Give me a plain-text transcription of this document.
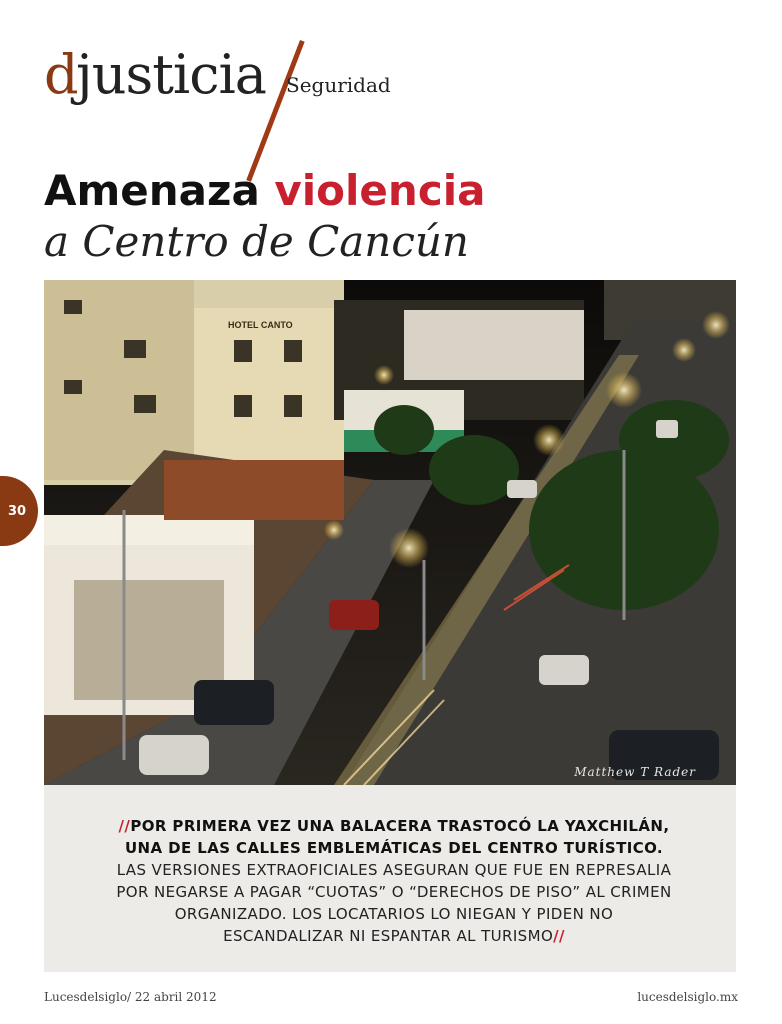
d
justicia Seguridad
Amenaza violencia
a Centro de Cancún
HOTEL CANTO
Matthew T Rader
30
//POR PRIMERA VEZ UNA BALACERA TRASTOCÓ LA YAXCHILÁN, UNA DE LAS CALLES EMBLEMÁTICAS DEL CENTRO TURÍSTICO. LAS VERSIONES EXTRAOFICIALES ASEGURAN QUE FUE EN REPRESALIA POR NEGARSE A PAGAR “CUOTAS” O “DERECHOS DE PISO” AL CRIMEN ORGANIZADO. LOS LOCATARIOS LO NIEGAN Y PIDEN NO ESCANDALIZAR NI ESPANTAR AL TURISMO//
Lucesdelsiglo/ 22 abril 2012	lucesdelsiglo.mx
